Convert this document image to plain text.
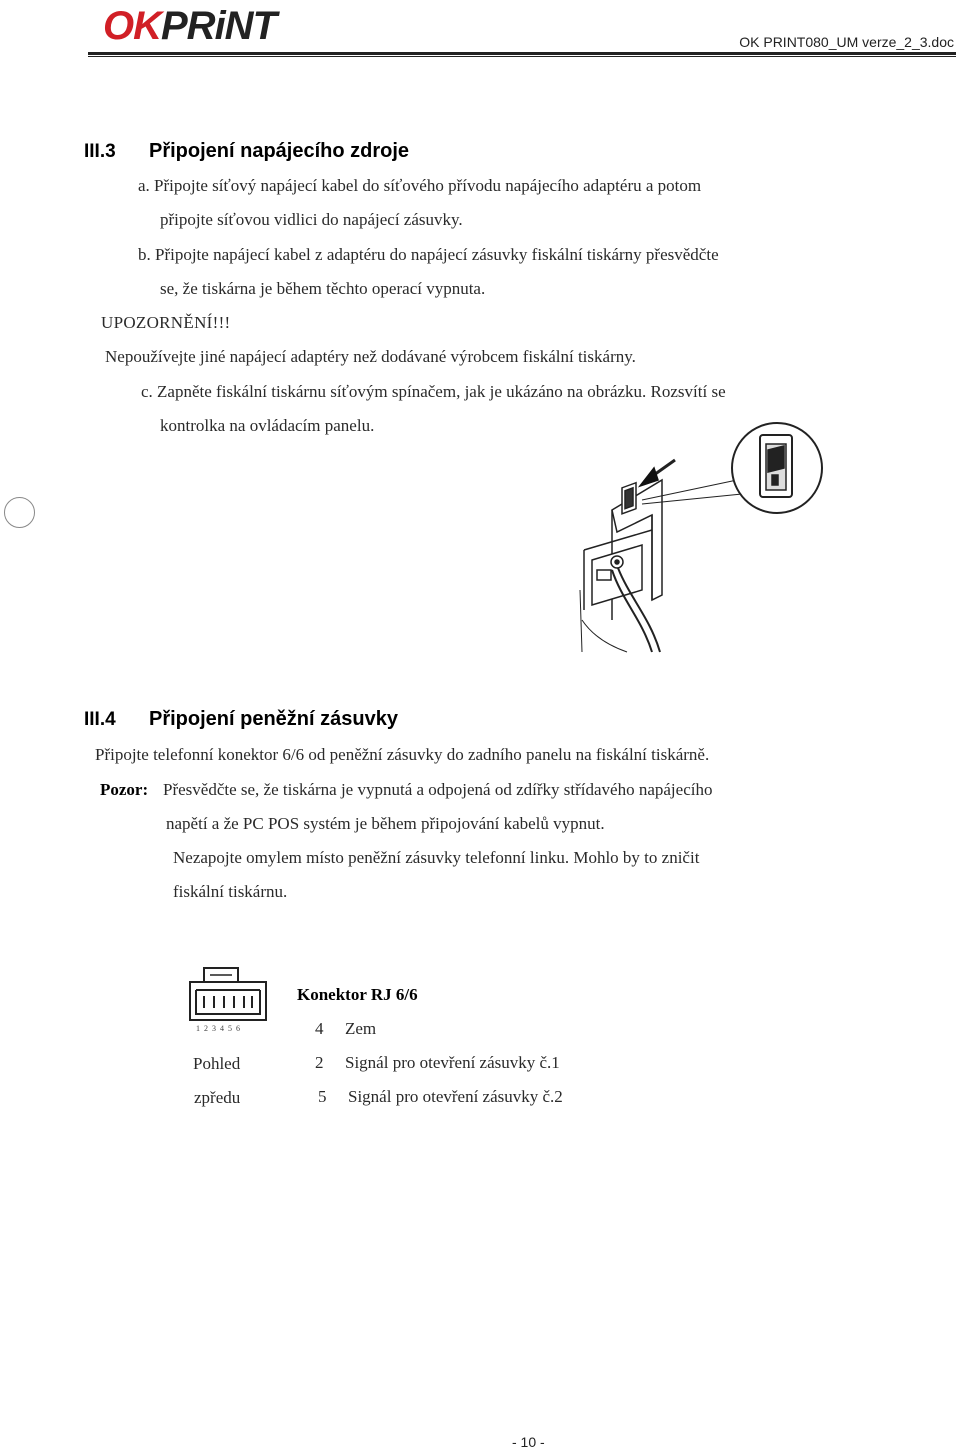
OKPRiNT	OK PRINT080_UM verze_2_3.doc
III.3 Připojení napájecího zdroje
a. Připojte síťový napájecí kabel do síťového přívodu napájecího adaptéru a potom
připojte síťovou vidlici do napájecí zásuvky.
b. Připojte napájecí kabel z adaptéru do napájecí zásuvky fiskální tiskárny přesvědčte
se, že tiskárna je během těchto operací vypnuta.
UPOZORNĚNÍ!!!
Nepoužívejte jiné napájecí adaptéry než dodávané výrobcem fiskální tiskárny.
c. Zapněte fiskální tiskárnu síťovým spínačem, jak je ukázáno na obrázku. Rozsvítí se
kontrolka na ovládacím panelu.
III.4 Připojení peněžní zásuvky
Připojte telefonní konektor 6/6 od peněžní zásuvky do zadního panelu na fiskální tiskárně.
Pozor: Přesvědčte se, že tiskárna je vypnutá a odpojená od zdířky střídavého napájecího
napětí a že PC POS systém je během připojování kabelů vypnut.
Nezapojte omylem místo peněžní zásuvky telefonní linku. Mohlo by to zničit
fiskální tiskárnu.
1 2 3 4 5 6
Pohled
zpředu
Konektor RJ 6/6
4 Zem
2 Signál pro otevření zásuvky č.1
5 Signál pro otevření zásuvky č.2
- 10 -
